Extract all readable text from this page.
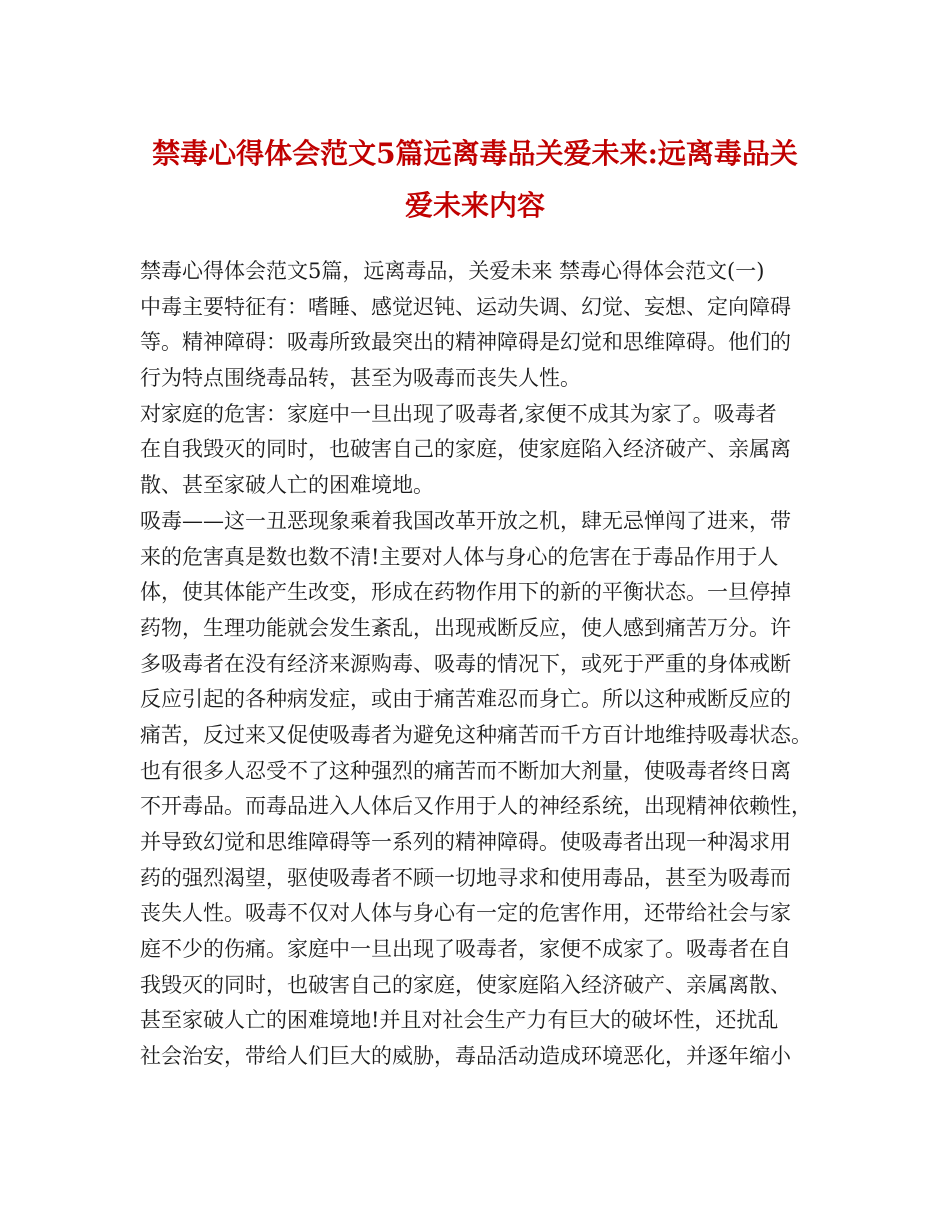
禁毒心得体会范文5篇远离毒品关爱未来:远离毒品关
爱未来内容
禁毒心得体会范文5篇，远离毒品，关爱未来 禁毒心得体会范文(一)
中毒主要特征有：嗜睡、感觉迟钝、运动失调、幻觉、妄想、定向障碍
等。精神障碍：吸毒所致最突出的精神障碍是幻觉和思维障碍。他们的
行为特点围绕毒品转，甚至为吸毒而丧失人性。
对家庭的危害：家庭中一旦出现了吸毒者,家便不成其为家了。吸毒者
在自我毁灭的同时，也破害自己的家庭，使家庭陷入经济破产、亲属离
散、甚至家破人亡的困难境地。
吸毒——这一丑恶现象乘着我国改革开放之机，肆无忌惮闯了进来，带
来的危害真是数也数不清!主要对人体与身心的危害在于毒品作用于人
体，使其体能产生改变，形成在药物作用下的新的平衡状态。一旦停掉
药物，生理功能就会发生紊乱，出现戒断反应，使人感到痛苦万分。许
多吸毒者在没有经济来源购毒、吸毒的情况下，或死于严重的身体戒断
反应引起的各种病发症，或由于痛苦难忍而身亡。所以这种戒断反应的
痛苦，反过来又促使吸毒者为避免这种痛苦而千方百计地维持吸毒状态。
也有很多人忍受不了这种强烈的痛苦而不断加大剂量，使吸毒者终日离
不开毒品。而毒品进入人体后又作用于人的神经系统，出现精神依赖性，
并导致幻觉和思维障碍等一系列的精神障碍。使吸毒者出现一种渴求用
药的强烈渴望，驱使吸毒者不顾一切地寻求和使用毒品，甚至为吸毒而
丧失人性。吸毒不仅对人体与身心有一定的危害作用，还带给社会与家
庭不少的伤痛。家庭中一旦出现了吸毒者，家便不成家了。吸毒者在自
我毁灭的同时，也破害自己的家庭，使家庭陷入经济破产、亲属离散、
甚至家破人亡的困难境地!并且对社会生产力有巨大的破坏性，还扰乱
社会治安，带给人们巨大的威胁，毒品活动造成环境恶化，并逐年缩小
